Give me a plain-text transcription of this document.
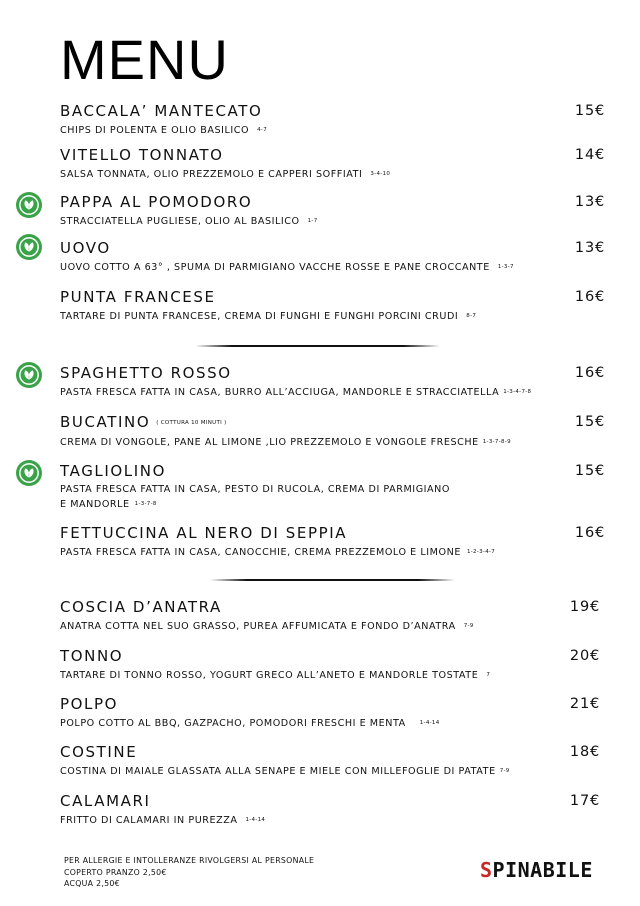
MENU
BACCALA’ MANTECATO
CHIPS DI POLENTA E OLIO BASILICO 4-7
15€
VITELLO TONNATO
SALSA TONNATA, OLIO PREZZEMOLO E CAPPERI SOFFIATI 3-4-10
14€
PAPPA AL POMODORO
STRACCIATELLA PUGLIESE, OLIO AL BASILICO 1-7
13€
UOVO
UOVO COTTO A 63° , SPUMA DI PARMIGIANO VACCHE ROSSE E PANE CROCCANTE 1-3-7
13€
PUNTA FRANCESE
TARTARE DI PUNTA FRANCESE, CREMA DI FUNGHI E FUNGHI PORCINI CRUDI 8-7
16€
SPAGHETTO ROSSO
PASTA FRESCA FATTA IN CASA, BURRO ALL’ACCIUGA, MANDORLE E STRACCIATELLA 1-3-4-7-8
16€
BUCATINO ( COTTURA 10 MINUTI )
CREMA DI VONGOLE, PANE AL LIMONE ,LIO PREZZEMOLO E VONGOLE FRESCHE 1-3-7-8-9
15€
TAGLIOLINO
PASTA FRESCA FATTA IN CASA, PESTO DI RUCOLA, CREMA DI PARMIGIANO
E MANDORLE 1-3-7-8
15€
FETTUCCINA AL NERO DI SEPPIA
PASTA FRESCA FATTA IN CASA, CANOCCHIE, CREMA PREZZEMOLO E LIMONE 1-2-3-4-7
16€
COSCIA D’ANATRA
ANATRA COTTA NEL SUO GRASSO, PUREA AFFUMICATA E FONDO D’ANATRA 7-9
19€
TONNO
TARTARE DI TONNO ROSSO, YOGURT GRECO ALL’ANETO E MANDORLE TOSTATE 7
20€
POLPO
POLPO COTTO AL BBQ, GAZPACHO, POMODORI FRESCHI E MENTA	1-4-14
21€
COSTINE
COSTINA DI MAIALE GLASSATA ALLA SENAPE E MIELE CON MILLEFOGLIE DI PATATE 7-9
18€
CALAMARI
FRITTO DI CALAMARI IN PUREZZA 1-4-14
17€
PER ALLERGIE E INTOLLERANZE RIVOLGERSI AL PERSONALE
COPERTO PRANZO 2,50€
ACQUA 2,50€
SPINABILE
